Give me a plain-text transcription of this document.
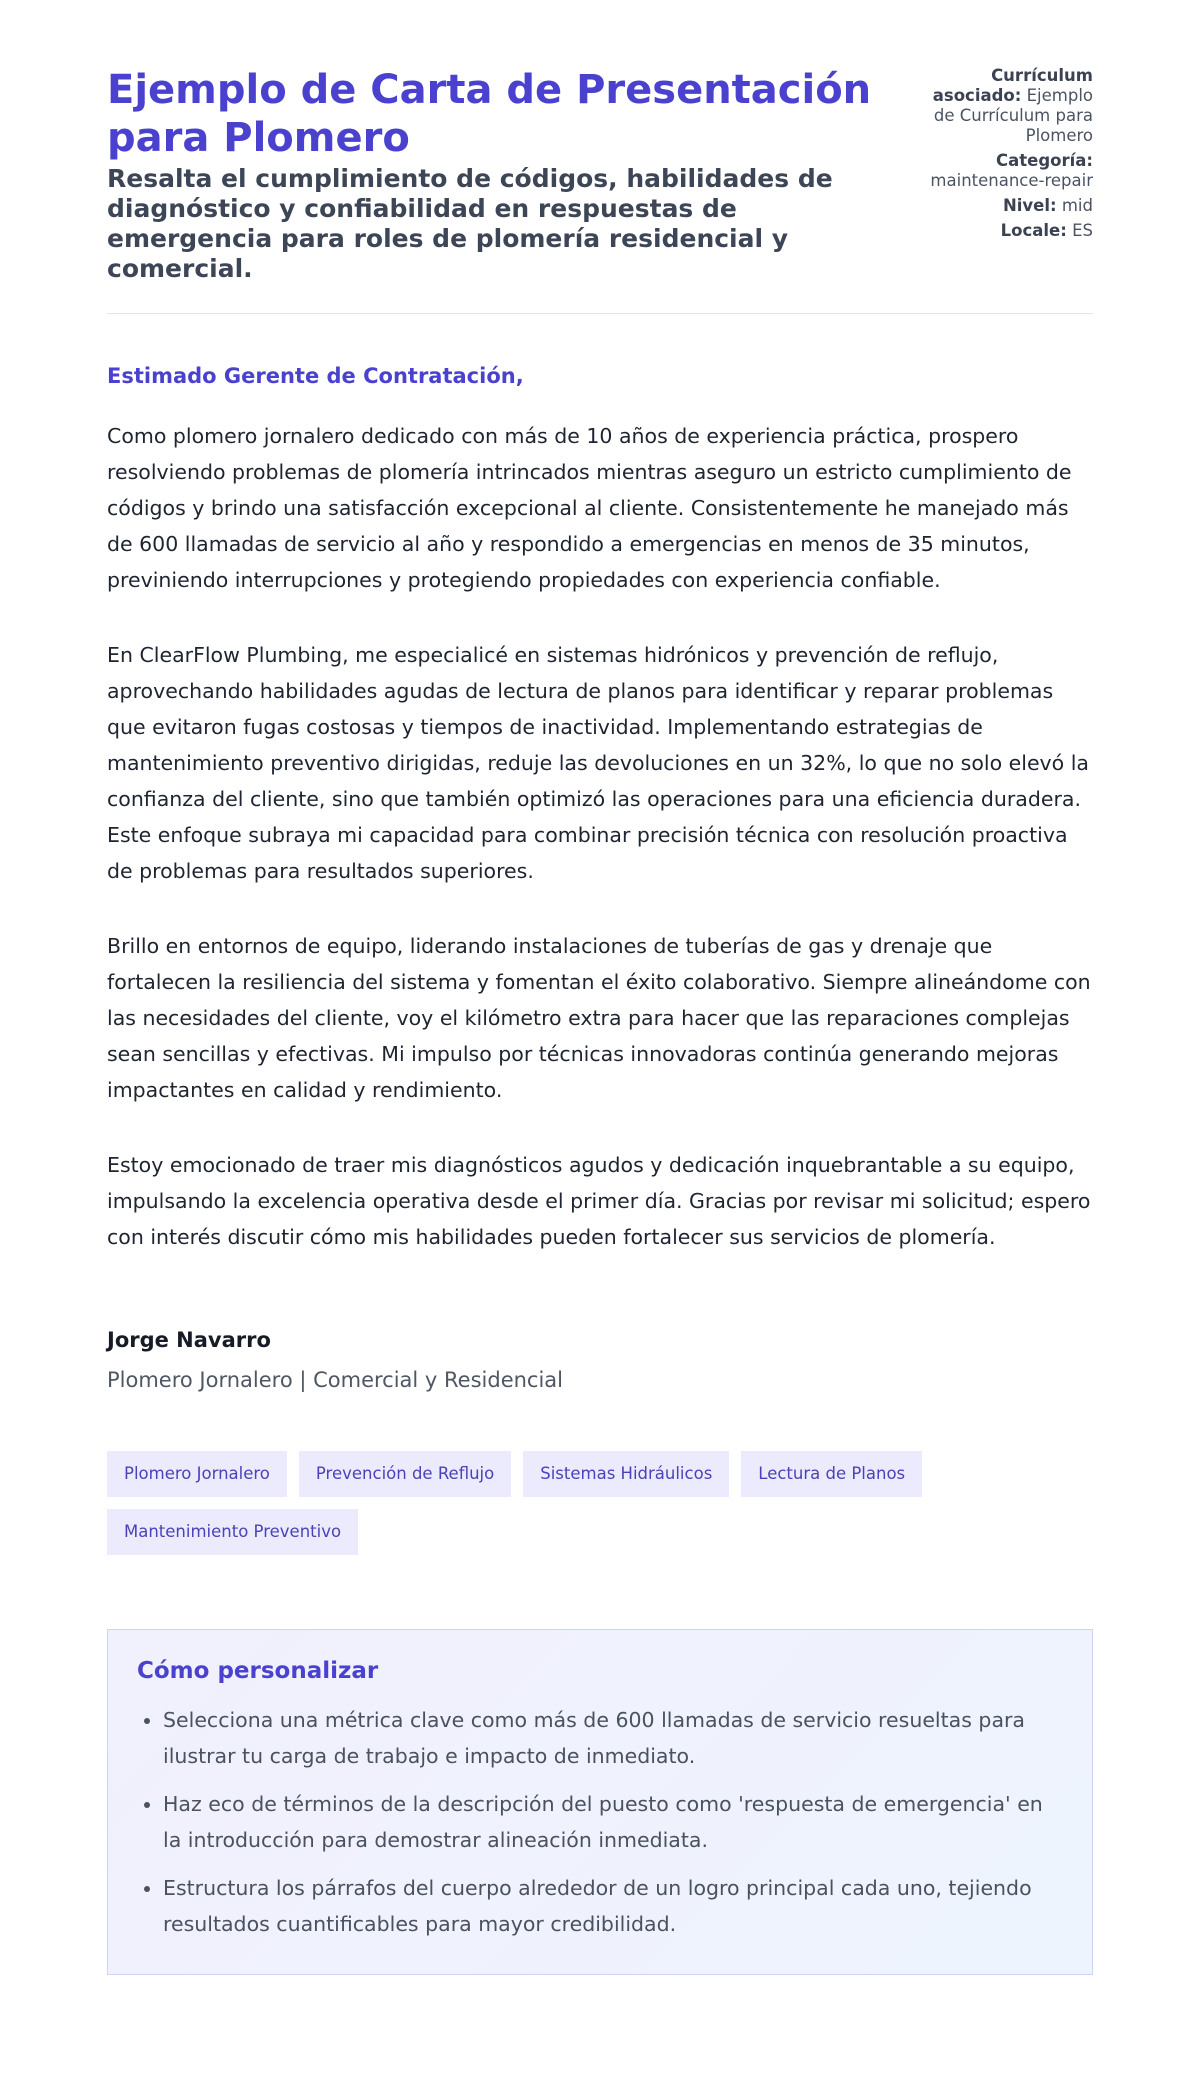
Ejemplo de Carta de Presentación para Plomero
Resalta el cumplimiento de códigos, habilidades de diagnóstico y confiabilidad en respuestas de emergencia para roles de plomería residencial y comercial.
Currículum asociado: Ejemplo de Currículum para Plomero
Categoría: maintenance-repair
Nivel: mid
Locale: ES
Estimado Gerente de Contratación,

Como plomero jornalero dedicado con más de 10 años de experiencia práctica, prospero resolviendo problemas de plomería intrincados mientras aseguro un estricto cumplimiento de códigos y brindo una satisfacción excepcional al cliente. Consistentemente he manejado más de 600 llamadas de servicio al año y respondido a emergencias en menos de 35 minutos, previniendo interrupciones y protegiendo propiedades con experiencia confiable.

En ClearFlow Plumbing, me especialicé en sistemas hidrónicos y prevención de reflujo, aprovechando habilidades agudas de lectura de planos para identificar y reparar problemas que evitaron fugas costosas y tiempos de inactividad. Implementando estrategias de mantenimiento preventivo dirigidas, reduje las devoluciones en un 32%, lo que no solo elevó la confianza del cliente, sino que también optimizó las operaciones para una eficiencia duradera. Este enfoque subraya mi capacidad para combinar precisión técnica con resolución proactiva de problemas para resultados superiores.

Brillo en entornos de equipo, liderando instalaciones de tuberías de gas y drenaje que fortalecen la resiliencia del sistema y fomentan el éxito colaborativo. Siempre alineándome con las necesidades del cliente, voy el kilómetro extra para hacer que las reparaciones complejas sean sencillas y efectivas. Mi impulso por técnicas innovadoras continúa generando mejoras impactantes en calidad y rendimiento.

Estoy emocionado de traer mis diagnósticos agudos y dedicación inquebrantable a su equipo, impulsando la excelencia operativa desde el primer día. Gracias por revisar mi solicitud; espero con interés discutir cómo mis habilidades pueden fortalecer sus servicios de plomería.

Jorge Navarro
Plomero Jornalero | Comercial y Residencial
Plomero Jornalero	Prevención de Reflujo	Sistemas Hidráulicos	Lectura de Planos
Mantenimiento Preventivo
Cómo personalizar
• Selecciona una métrica clave como más de 600 llamadas de servicio resueltas para ilustrar tu carga de trabajo e impacto de inmediato.
• Haz eco de términos de la descripción del puesto como 'respuesta de emergencia' en la introducción para demostrar alineación inmediata.
• Estructura los párrafos del cuerpo alrededor de un logro principal cada uno, tejiendo resultados cuantificables para mayor credibilidad.
